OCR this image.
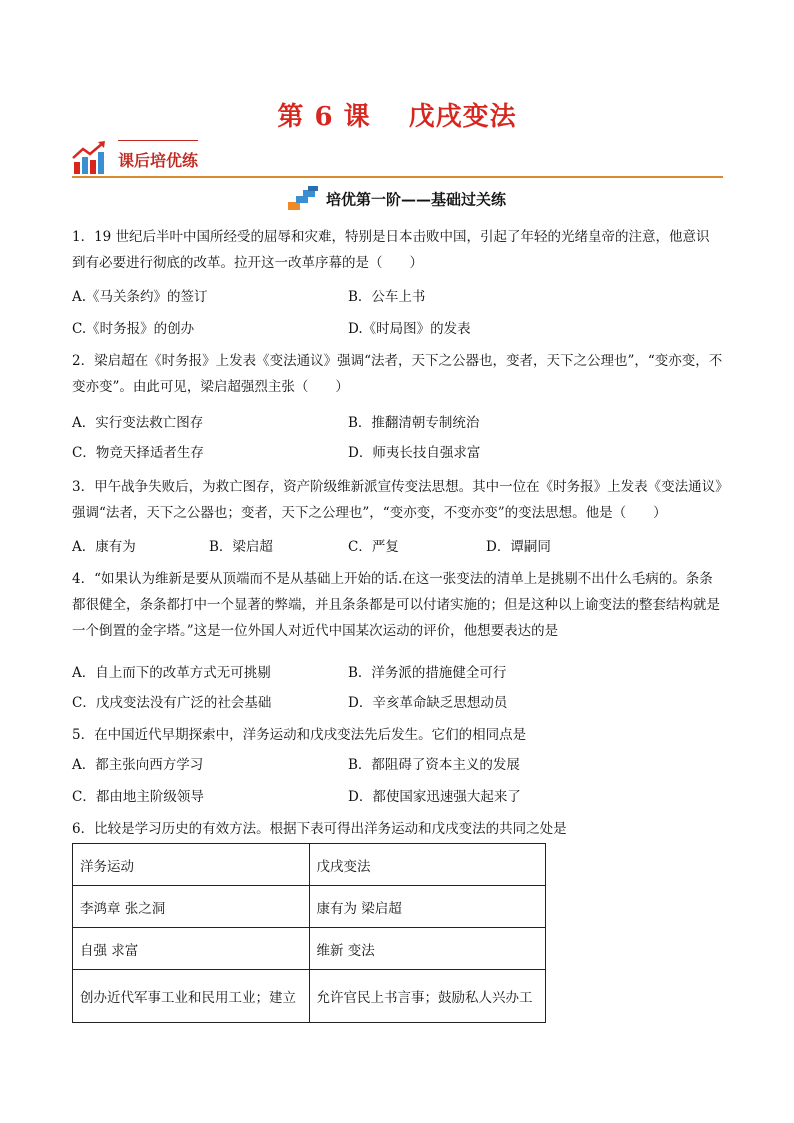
第 6 课 戊戌变法
课后培优练
培优第一阶——基础过关练
1．19 世纪后半叶中国所经受的屈辱和灾难，特别是日本击败中国，引起了年轻的光绪皇帝的注意，他意识到有必要进行彻底的改革。拉开这一改革序幕的是（　　）
A.《马关条约》的签订	B．公车上书
C.《时务报》的创办	D.《时局图》的发表
2．梁启超在《时务报》上发表《变法通议》强调“法者，天下之公器也，变者，天下之公理也”，“变亦变，不变亦变”。由此可见，梁启超强烈主张（　　）
A．实行变法救亡图存	B．推翻清朝专制统治
C．物竞天择适者生存	D．师夷长技自强求富
3．甲午战争失败后，为救亡图存，资产阶级维新派宣传变法思想。其中一位在《时务报》上发表《变法通议》强调“法者，天下之公器也；变者，天下之公理也”，“变亦变，不变亦变”的变法思想。他是（　　）
A．康有为	B．梁启超	C．严复	D．谭嗣同
4．“如果认为维新是要从顶端而不是从基础上开始的话.在这一张变法的清单上是挑剔不出什么毛病的。条条都很健全，条条都打中一个显著的弊端，并且条条都是可以付诸实施的；但是这种以上谕变法的整套结构就是一个倒置的金字塔。”这是一位外国人对近代中国某次运动的评价，他想要表达的是
A．自上而下的改革方式无可挑剔	B．洋务派的措施健全可行
C．戊戌变法没有广泛的社会基础	D．辛亥革命缺乏思想动员
5．在中国近代早期探索中，洋务运动和戊戌变法先后发生。它们的相同点是
A．都主张向西方学习	B．都阻碍了资本主义的发展
C．都由地主阶级领导	D．都使国家迅速强大起来了
6．比较是学习历史的有效方法。根据下表可得出洋务运动和戊戌变法的共同之处是
洋务运动	戊戌变法
李鸿章 张之洞	康有为 梁启超
自强 求富	维新 变法
创办近代军事工业和民用工业；建立	允许官民上书言事；鼓励私人兴办工
